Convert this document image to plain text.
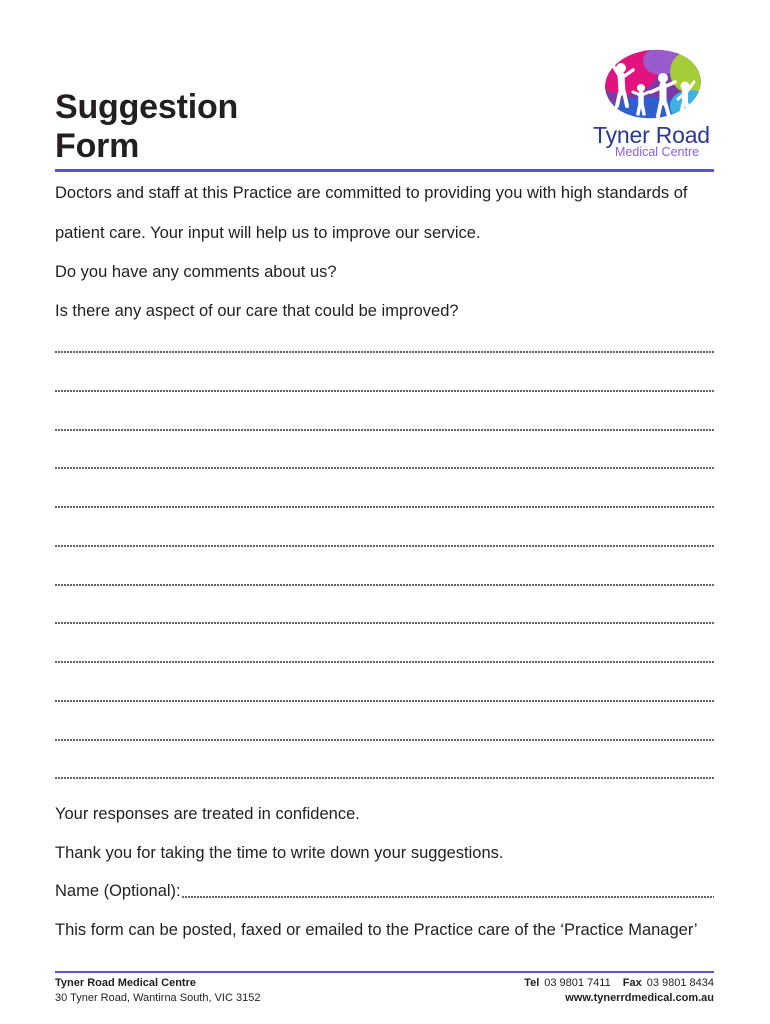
Suggestion
Form	Tyner Road
Medical Centre

Doctors and staff at this Practice are committed to providing you with high standards of

patient care. Your input will help us to improve our service.

Do you have any comments about us?

Is there any aspect of our care that could be improved?

Your responses are treated in confidence.

Thank you for taking the time to write down your suggestions.

Name (Optional):

This form can be posted, faxed or emailed to the Practice care of the ‘Practice Manager’

Tyner Road Medical Centre
30 Tyner Road, Wantirna South, VIC 3152
Tel 03 9801 7411 Fax 03 9801 8434
www.tynerrdmedical.com.au
